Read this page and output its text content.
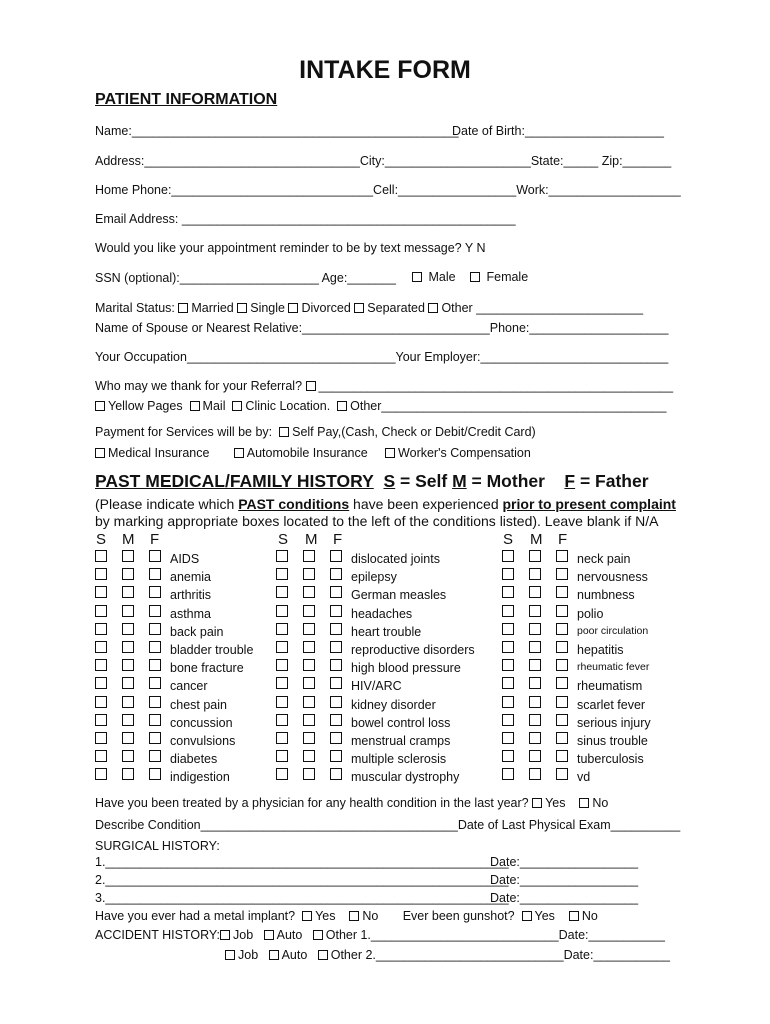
INTAKE FORM
PATIENT INFORMATION
Name:_______________________________________________
Date of Birth:____________________
Address:_______________________________City:_____________________State:_____ Zip:_______
Home Phone:_____________________________Cell:_________________Work:___________________
Email Address: ________________________________________________
Would you like your appointment reminder to be by text message? Y N
SSN (optional):____________________ Age:_______	Male	Female
Marital Status: Married Single Divorced Separated Other ________________________
Name of Spouse or Nearest Relative:___________________________Phone:____________________
Your Occupation______________________________Your Employer:___________________________
Who may we thank for your Referral? ___________________________________________________
Yellow Pages Mail Clinic Location. Other_________________________________________
Payment for Services will be by: Self Pay,(Cash, Check or Debit/Credit Card)
Medical Insurance	Automobile Insurance Worker's Compensation
PAST MEDICAL/FAMILY HISTORY S = Self M = Mother F = Father
(Please indicate which PAST conditions have been experienced prior to present complaint
by marking appropriate boxes located to the left of the conditions listed). Leave blank if N/A
S M F
AIDS
anemia
arthritis
asthma
back pain
bladder trouble
bone fracture
cancer
chest pain
concussion
convulsions
diabetes
indigestion
S M F
dislocated joints
epilepsy
German measles
headaches
heart trouble
reproductive disorders
high blood pressure
HIV/ARC
kidney disorder
bowel control loss
menstrual cramps
multiple sclerosis
muscular dystrophy
S M F
neck pain
nervousness
numbness
polio
poor circulation
hepatitis
rheumatic fever
rheumatism
scarlet fever
serious injury
sinus trouble
tuberculosis
vd
Have you been treated by a physician for any health condition in the last year? Yes No
Describe Condition_____________________________________Date of Last Physical Exam__________
SURGICAL HISTORY:
1.__________________________________________________________
Date:_________________
2.__________________________________________________________
Date:_________________
3.__________________________________________________________
Date:_________________
Have you ever had a metal implant? Yes No Ever been gunshot? Yes No
ACCIDENT HISTORY: Job Auto Other 1.___________________________Date:___________
Job Auto Other 2.___________________________Date:___________
